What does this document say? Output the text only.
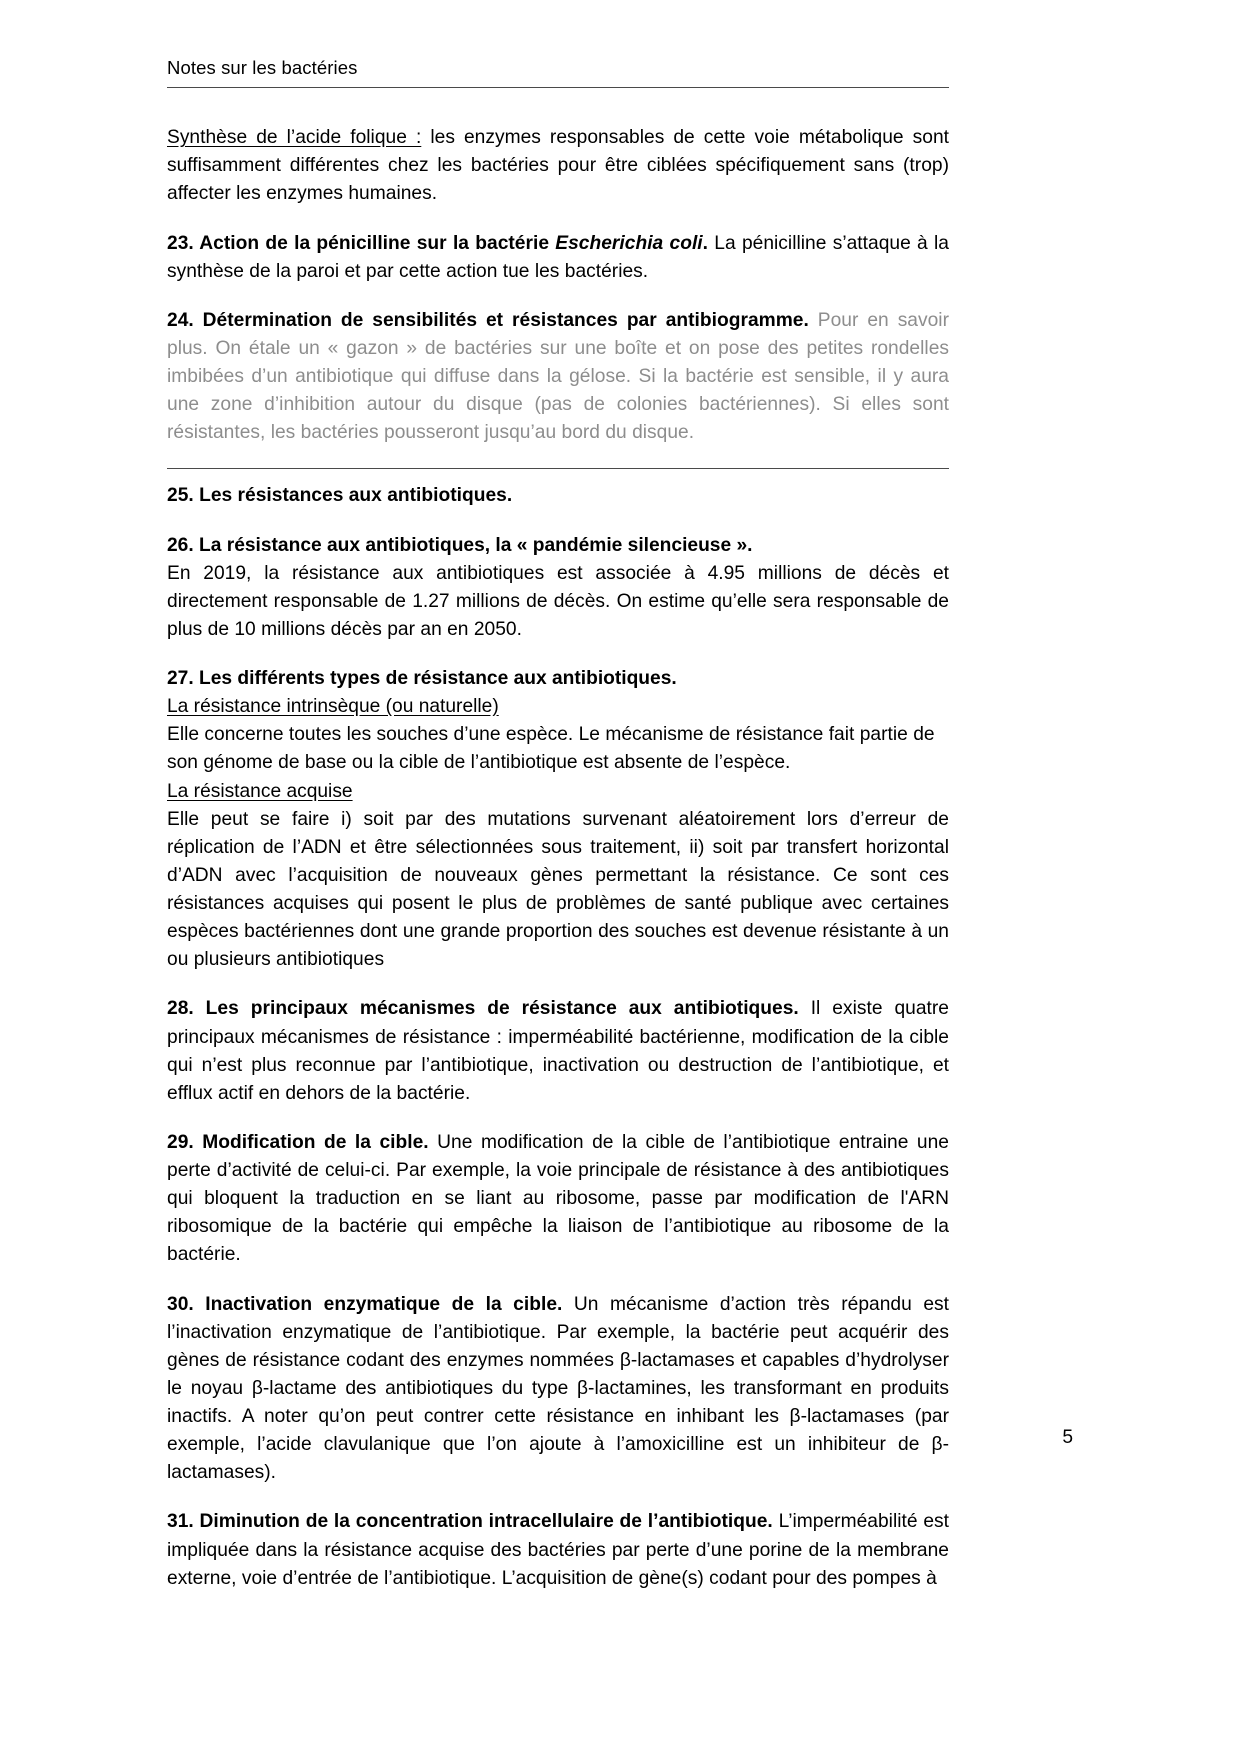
Notes sur les bactéries

Synthèse de l’acide folique : les enzymes responsables de cette voie métabolique sont suffisamment différentes chez les bactéries pour être ciblées spécifiquement sans (trop) affecter les enzymes humaines.

23. Action de la pénicilline sur la bactérie Escherichia coli. La pénicilline s’attaque à la synthèse de la paroi et par cette action tue les bactéries.

24. Détermination de sensibilités et résistances par antibiogramme. Pour en savoir plus. On étale un « gazon » de bactéries sur une boîte et on pose des petites rondelles imbibées d’un antibiotique qui diffuse dans la gélose. Si la bactérie est sensible, il y aura une zone d’inhibition autour du disque (pas de colonies bactériennes). Si elles sont résistantes, les bactéries pousseront jusqu’au bord du disque.

25. Les résistances aux antibiotiques.

26. La résistance aux antibiotiques, la « pandémie silencieuse ».

En 2019, la résistance aux antibiotiques est associée à 4.95 millions de décès et directement responsable de 1.27 millions de décès. On estime qu’elle sera responsable de plus de 10 millions décès par an en 2050.

27. Les différents types de résistance aux antibiotiques.

La résistance intrinsèque (ou naturelle)

Elle concerne toutes les souches d’une espèce. Le mécanisme de résistance fait partie de son génome de base ou la cible de l’antibiotique est absente de l’espèce.

La résistance acquise

Elle peut se faire i) soit par des mutations survenant aléatoirement lors d’erreur de réplication de l’ADN et être sélectionnées sous traitement, ii) soit par transfert horizontal d’ADN avec l’acquisition de nouveaux gènes permettant la résistance. Ce sont ces résistances acquises qui posent le plus de problèmes de santé publique avec certaines espèces bactériennes dont une grande proportion des souches est devenue résistante à un ou plusieurs antibiotiques

28. Les principaux mécanismes de résistance aux antibiotiques. Il existe quatre principaux mécanismes de résistance : imperméabilité bactérienne, modification de la cible qui n’est plus reconnue par l’antibiotique, inactivation ou destruction de l’antibiotique, et efflux actif en dehors de la bactérie.

29. Modification de la cible. Une modification de la cible de l’antibiotique entraine une perte d’activité de celui-ci. Par exemple, la voie principale de résistance à des antibiotiques qui bloquent la traduction en se liant au ribosome, passe par modification de l'ARN ribosomique de la bactérie qui empêche la liaison de l’antibiotique au ribosome de la bactérie.

30. Inactivation enzymatique de la cible. Un mécanisme d’action très répandu est l’inactivation enzymatique de l’antibiotique. Par exemple, la bactérie peut acquérir des gènes de résistance codant des enzymes nommées β-lactamases et capables d’hydrolyser le noyau β-lactame des antibiotiques du type β-lactamines, les transformant en produits inactifs. A noter qu’on peut contrer cette résistance en inhibant les β-lactamases (par exemple, l’acide clavulanique que l’on ajoute à l’amoxicilline est un inhibiteur de β-lactamases).

31. Diminution de la concentration intracellulaire de l’antibiotique. L’imperméabilité est impliquée dans la résistance acquise des bactéries par perte d’une porine de la membrane externe, voie d’entrée de l’antibiotique. L’acquisition de gène(s) codant pour des pompes à

5
